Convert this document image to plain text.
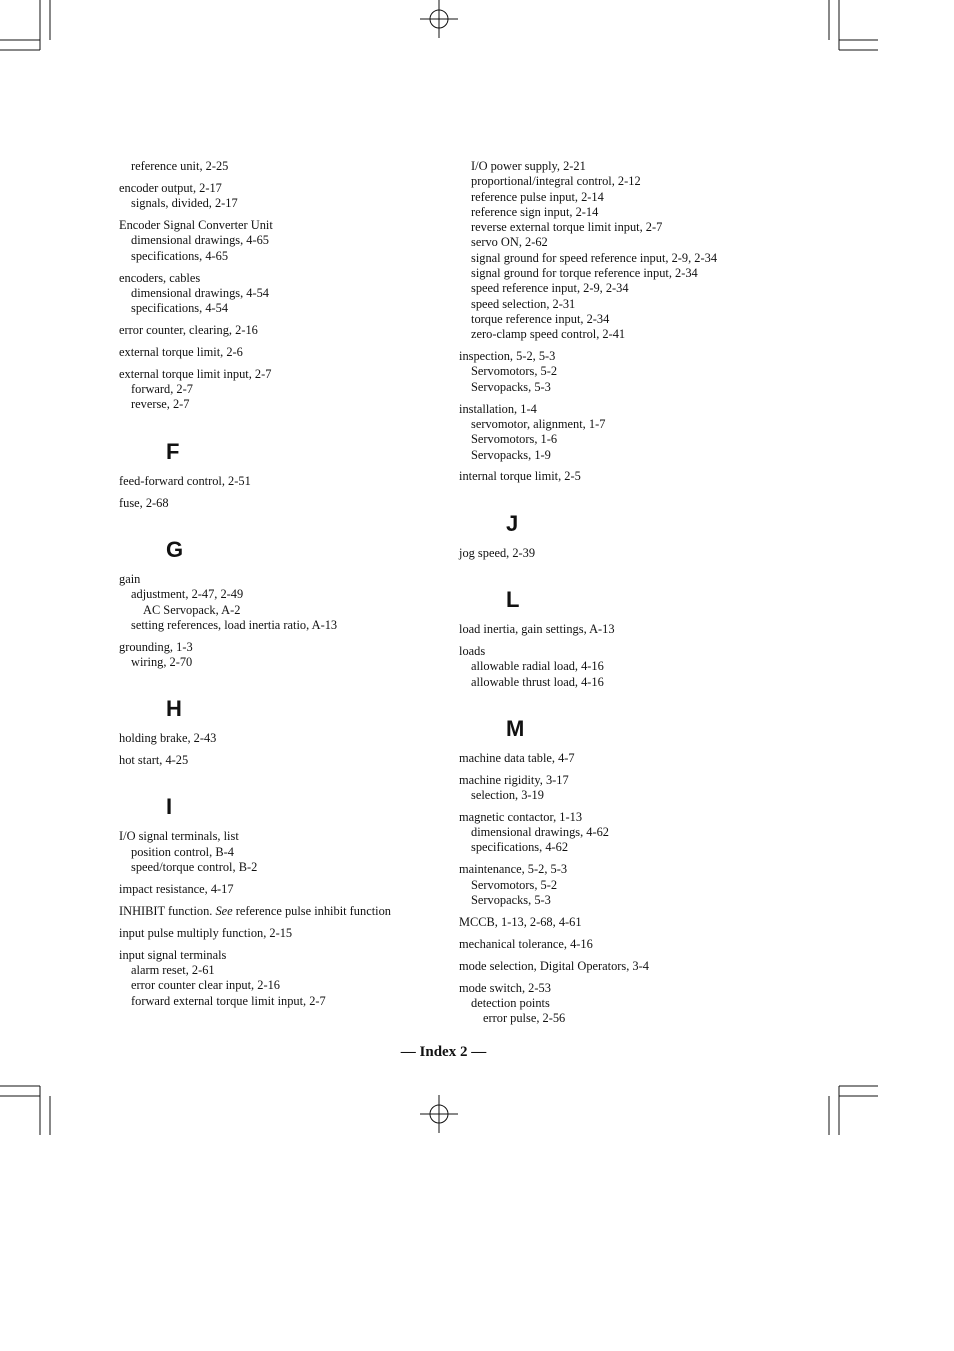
reference unit, 2-25
encoder output, 2-17
signals, divided, 2-17
Encoder Signal Converter Unit
dimensional drawings, 4-65
specifications, 4-65
encoders, cables
dimensional drawings, 4-54
specifications, 4-54
error counter, clearing, 2-16
external torque limit, 2-6
external torque limit input, 2-7
forward, 2-7
reverse, 2-7
F
feed-forward control, 2-51
fuse, 2-68
G
gain
adjustment, 2-47, 2-49
AC Servopack, A-2
setting references, load inertia ratio, A-13
grounding, 1-3
wiring, 2-70
H
holding brake, 2-43
hot start, 4-25
I
I/O signal terminals, list
position control, B-4
speed/torque control, B-2
impact resistance, 4-17
INHIBIT function. See reference pulse inhibit function
input pulse multiply function, 2-15
input signal terminals
alarm reset, 2-61
error counter clear input, 2-16
forward external torque limit input, 2-7
I/O power supply, 2-21
proportional/integral control, 2-12
reference pulse input, 2-14
reference sign input, 2-14
reverse external torque limit input, 2-7
servo ON, 2-62
signal ground for speed reference input, 2-9, 2-34
signal ground for torque reference input, 2-34
speed reference input, 2-9, 2-34
speed selection, 2-31
torque reference input, 2-34
zero-clamp speed control, 2-41
inspection, 5-2, 5-3
Servomotors, 5-2
Servopacks, 5-3
installation, 1-4
servomotor, alignment, 1-7
Servomotors, 1-6
Servopacks, 1-9
internal torque limit, 2-5
J
jog speed, 2-39
L
load inertia, gain settings, A-13
loads
allowable radial load, 4-16
allowable thrust load, 4-16
M
machine data table, 4-7
machine rigidity, 3-17
selection, 3-19
magnetic contactor, 1-13
dimensional drawings, 4-62
specifications, 4-62
maintenance, 5-2, 5-3
Servomotors, 5-2
Servopacks, 5-3
MCCB, 1-13, 2-68, 4-61
mechanical tolerance, 4-16
mode selection, Digital Operators, 3-4
mode switch, 2-53
detection points
error pulse, 2-56
— Index 2 —
